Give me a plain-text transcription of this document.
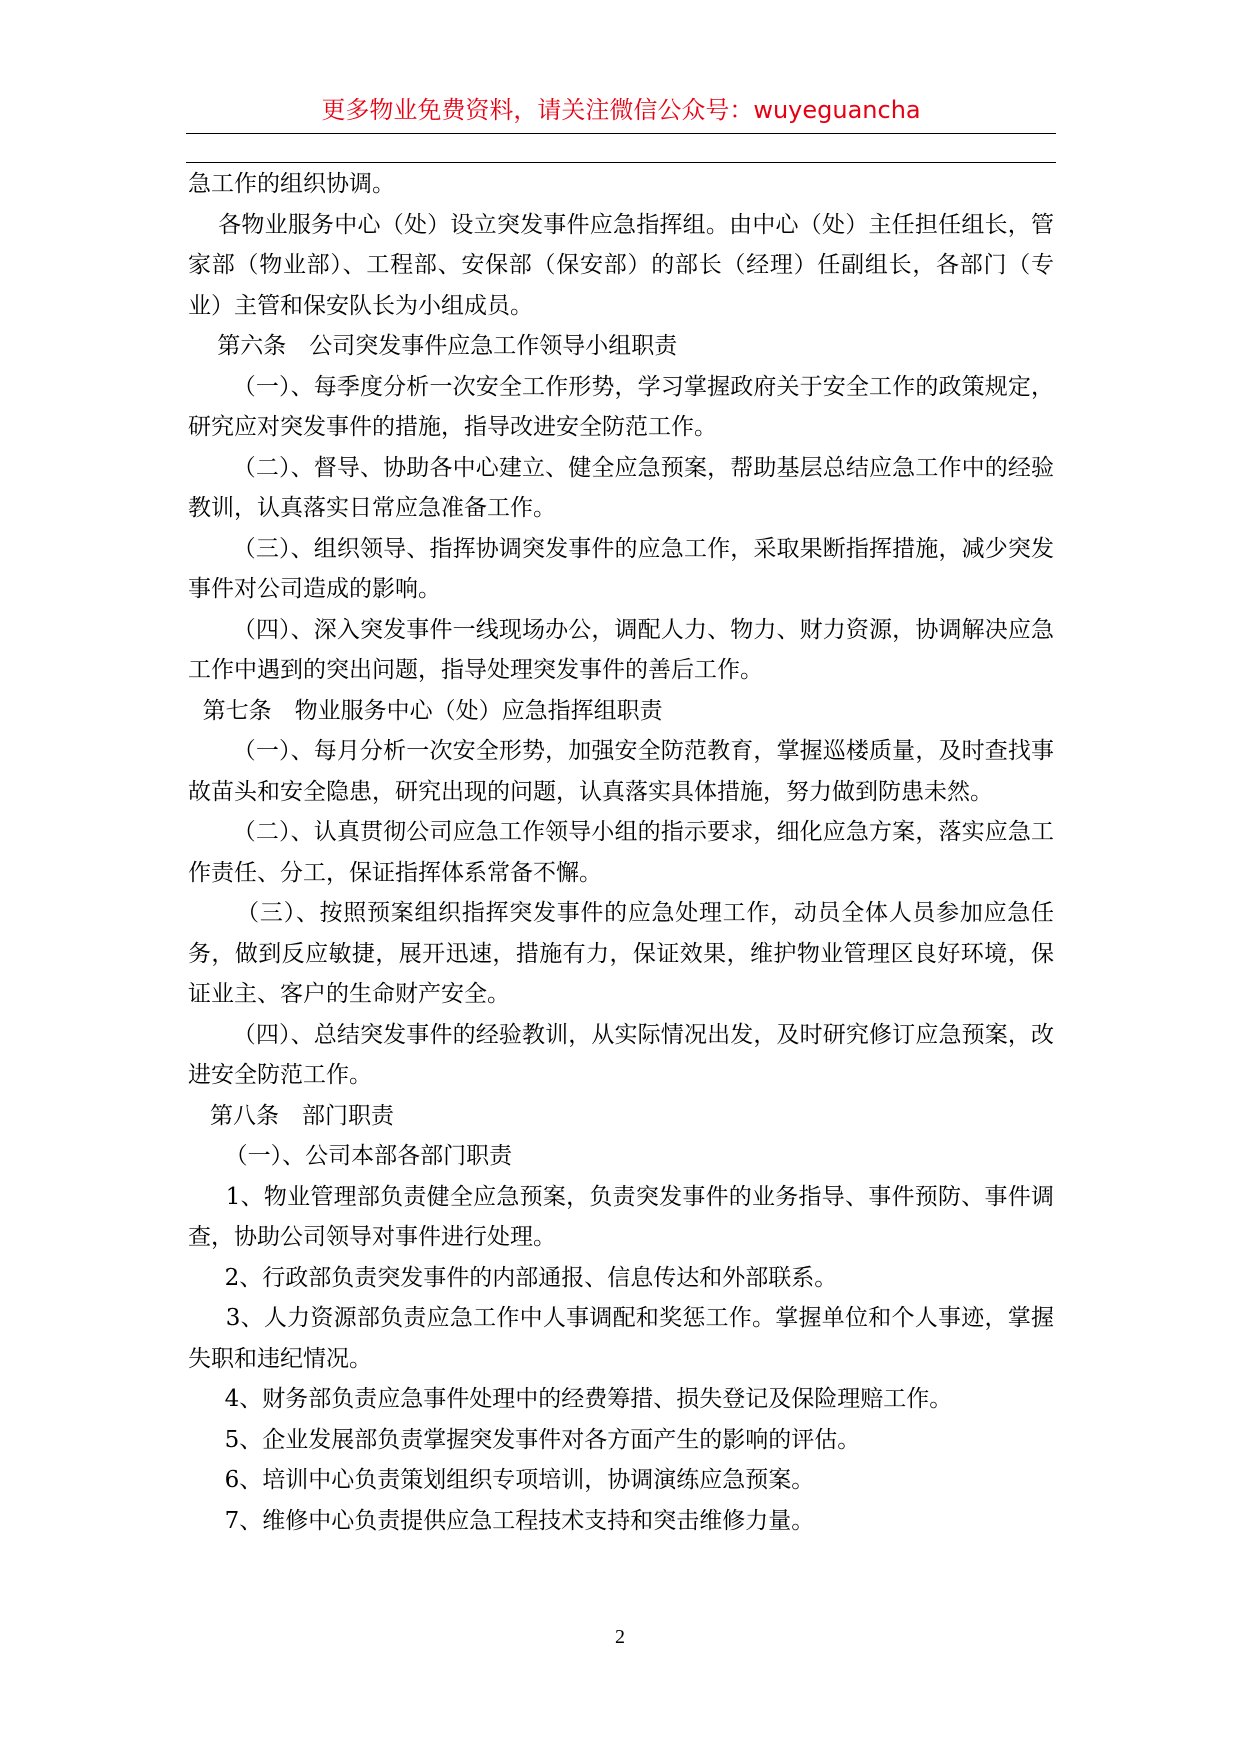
更多物业免费资料，请关注微信公众号：wuyeguancha

急工作的组织协调。

各物业服务中心（处）设立突发事件应急指挥组。由中心（处）主任担任组长，管家部（物业部）、工程部、安保部（保安部）的部长（经理）任副组长，各部门（专业）主管和保安队长为小组成员。

第六条　公司突发事件应急工作领导小组职责

（一）、每季度分析一次安全工作形势，学习掌握政府关于安全工作的政策规定，研究应对突发事件的措施，指导改进安全防范工作。

（二）、督导、协助各中心建立、健全应急预案，帮助基层总结应急工作中的经验教训，认真落实日常应急准备工作。

（三）、组织领导、指挥协调突发事件的应急工作，采取果断指挥措施，减少突发事件对公司造成的影响。

（四）、深入突发事件一线现场办公，调配人力、物力、财力资源，协调解决应急工作中遇到的突出问题，指导处理突发事件的善后工作。

第七条　物业服务中心（处）应急指挥组职责

（一）、每月分析一次安全形势，加强安全防范教育，掌握巡楼质量，及时查找事故苗头和安全隐患，研究出现的问题，认真落实具体措施，努力做到防患未然。

（二）、认真贯彻公司应急工作领导小组的指示要求，细化应急方案，落实应急工作责任、分工，保证指挥体系常备不懈。

（三）、按照预案组织指挥突发事件的应急处理工作，动员全体人员参加应急任务，做到反应敏捷，展开迅速，措施有力，保证效果，维护物业管理区良好环境，保证业主、客户的生命财产安全。

（四）、总结突发事件的经验教训，从实际情况出发，及时研究修订应急预案，改进安全防范工作。

第八条　部门职责

（一）、公司本部各部门职责

1、物业管理部负责健全应急预案，负责突发事件的业务指导、事件预防、事件调查，协助公司领导对事件进行处理。

2、行政部负责突发事件的内部通报、信息传达和外部联系。

3、人力资源部负责应急工作中人事调配和奖惩工作。掌握单位和个人事迹，掌握失职和违纪情况。

4、财务部负责应急事件处理中的经费筹措、损失登记及保险理赔工作。

5、企业发展部负责掌握突发事件对各方面产生的影响的评估。

6、培训中心负责策划组织专项培训，协调演练应急预案。

7、维修中心负责提供应急工程技术支持和突击维修力量。

2
